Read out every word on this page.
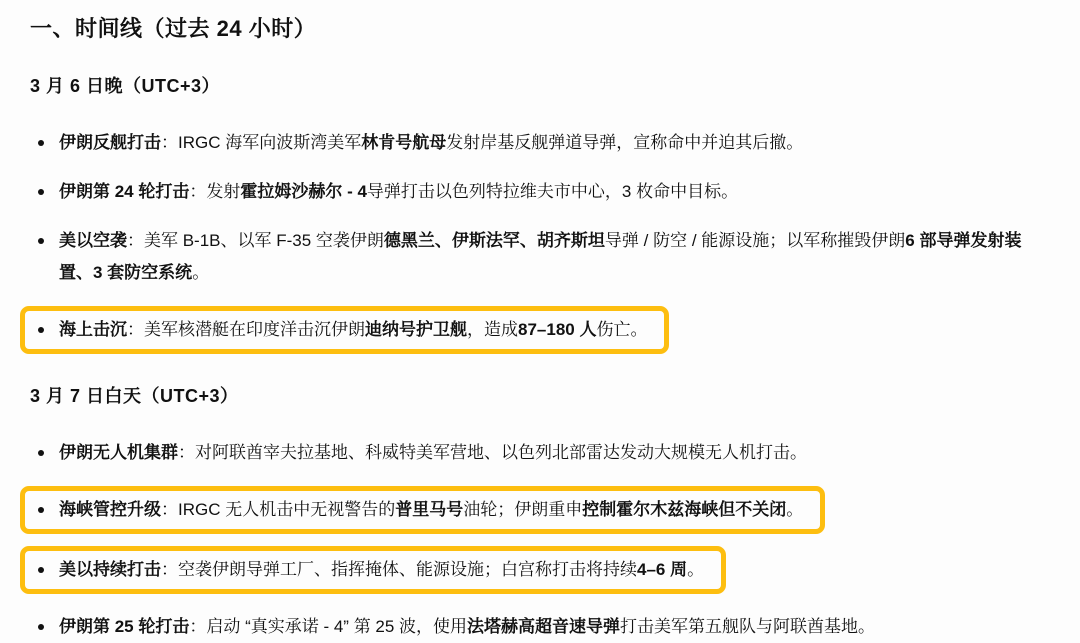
一、时间线（过去 24 小时）
3 月 6 日晚（UTC+3）

伊朗反舰打击：IRGC 海军向波斯湾美军林肯号航母发射岸基反舰弹道导弹，宣称命中并迫其后撤。

伊朗第 24 轮打击：发射霍拉姆沙赫尔 - 4导弹打击以色列特拉维夫市中心，3 枚命中目标。

美以空袭：美军 B-1B、以军 F-35 空袭伊朗德黑兰、伊斯法罕、胡齐斯坦导弹 / 防空 / 能源设施；以军称摧毁伊朗6 部导弹发射装置、3 套防空系统。

海上击沉：美军核潜艇在印度洋击沉伊朗迪纳号护卫舰，造成87–180 人伤亡。

3 月 7 日白天（UTC+3）

伊朗无人机集群：对阿联酋宰夫拉基地、科威特美军营地、以色列北部雷达发动大规模无人机打击。

海峡管控升级：IRGC 无人机击中无视警告的普里马号油轮；伊朗重申控制霍尔木兹海峡但不关闭。

美以持续打击：空袭伊朗导弹工厂、指挥掩体、能源设施；白宫称打击将持续4–6 周。

伊朗第 25 轮打击：启动 “真实承诺 - 4” 第 25 波，使用法塔赫高超音速导弹打击美军第五舰队与阿联酋基地。
